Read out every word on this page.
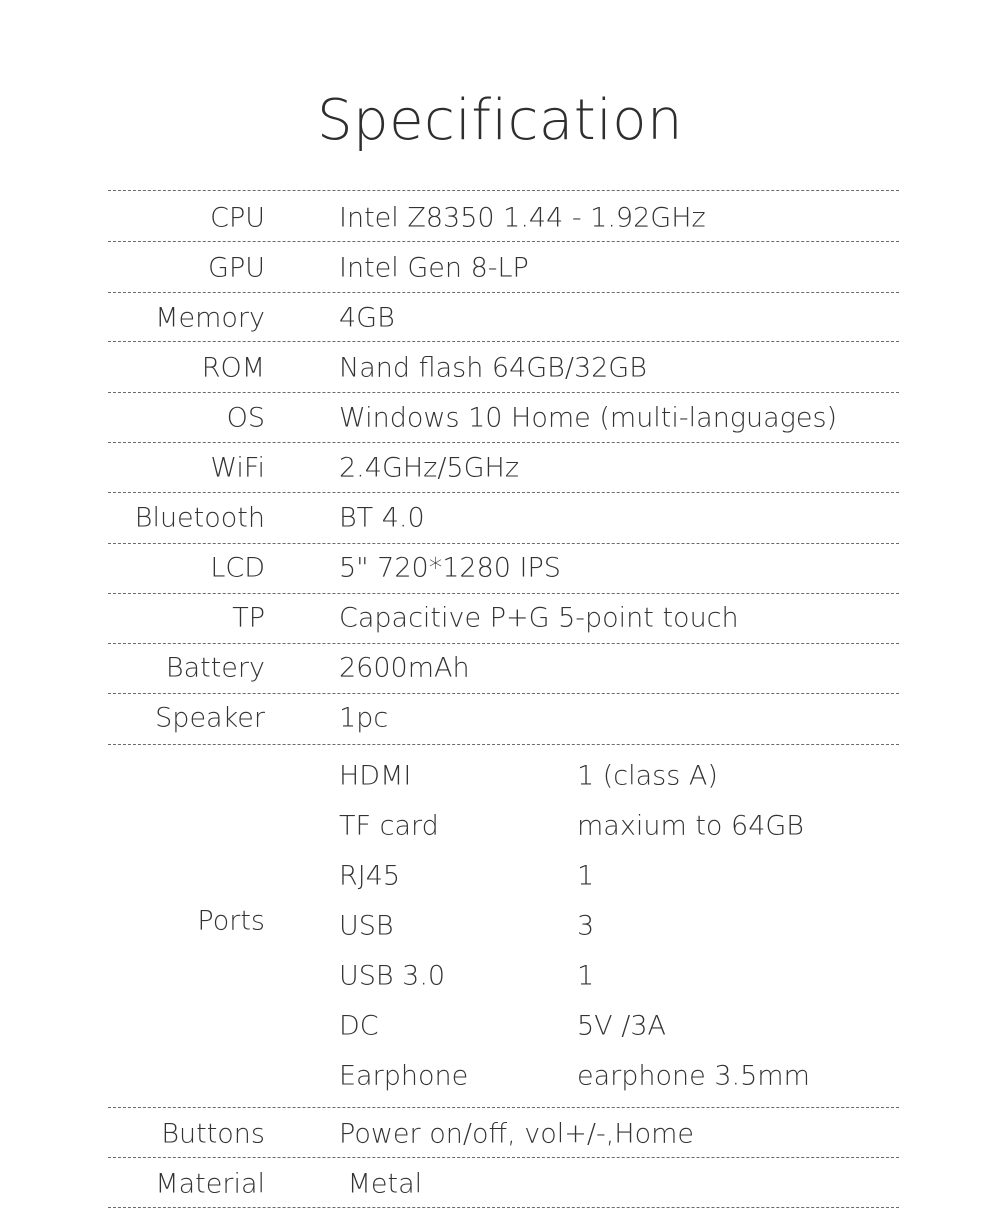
Specification
CPU	Intel Z8350 1.44 - 1.92GHz
GPU	Intel Gen 8-LP
Memory	4GB
ROM	Nand flash 64GB/32GB
OS	Windows 10 Home (multi-languages)
WiFi	2.4GHz/5GHz
Bluetooth	BT 4.0
LCD	5" 720*1280 IPS
TP	Capacitive P+G 5-point touch
Battery	2600mAh
Speaker	1pc
Ports
HDMI	1 (class A)
TF card	maxium to 64GB
RJ45	1
USB	3
USB 3.0	1
DC	5V /3A
Earphone	earphone 3.5mm
Buttons	Power on/off, vol+/-,Home
Material	Metal
